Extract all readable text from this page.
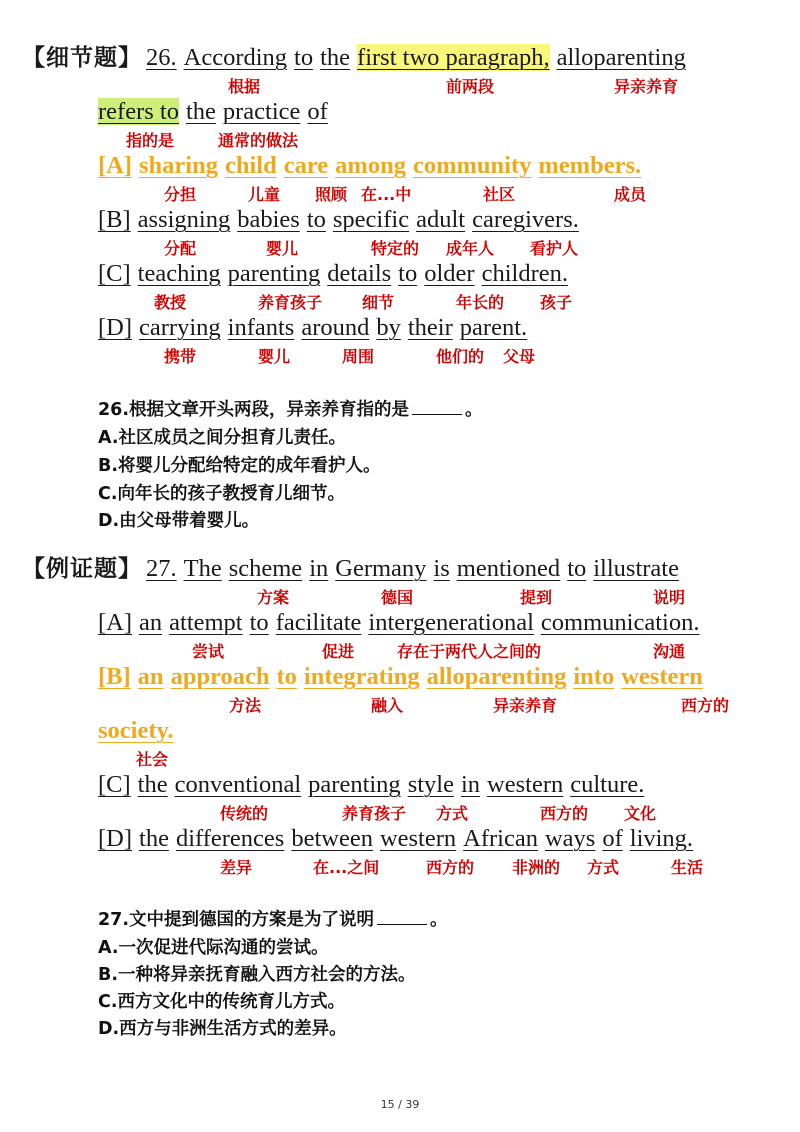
【细节题】 26. According to the first two paragraph, alloparenting
根据	前两段	异亲养育
refers to the practice of
指的是	通常的做法
[A] sharing child care among community members.
分担	儿童 照顾 在...中	社区	成员
[B] assigning babies to specific adult caregivers.
分配	婴儿	特定的 成年人 看护人
[C] teaching parenting details to older children.
教授	养育孩子 细节	年长的 孩子
[D] carrying infants around by their parent.
携带	婴儿	周围	他们的 父母
26.根据文章开头两段，异亲养育指的是	。
A.社区成员之间分担育儿责任。
B.将婴儿分配给特定的成年看护人。
C.向年长的孩子教授育儿细节。
D.由父母带着婴儿。
【例证题】 27. The scheme in Germany is mentioned to illustrate
方案	德国	提到	说明
[A] an attempt to facilitate intergenerational communication.
尝试	促进	存在于两代人之间的	沟通
[B] an approach to integrating alloparenting into western
方法	融入	异亲养育	西方的
society.
社会
[C] the conventional parenting style in western culture.
传统的	养育孩子 方式	西方的 文化
[D] the differences between western African ways of living.
差异	在...之间	西方的 非洲的 方式	生活
27.文中提到德国的方案是为了说明	。
A.一次促进代际沟通的尝试。
B.一种将异亲抚育融入西方社会的方法。
C.西方文化中的传统育儿方式。
D.西方与非洲生活方式的差异。
15 / 39
